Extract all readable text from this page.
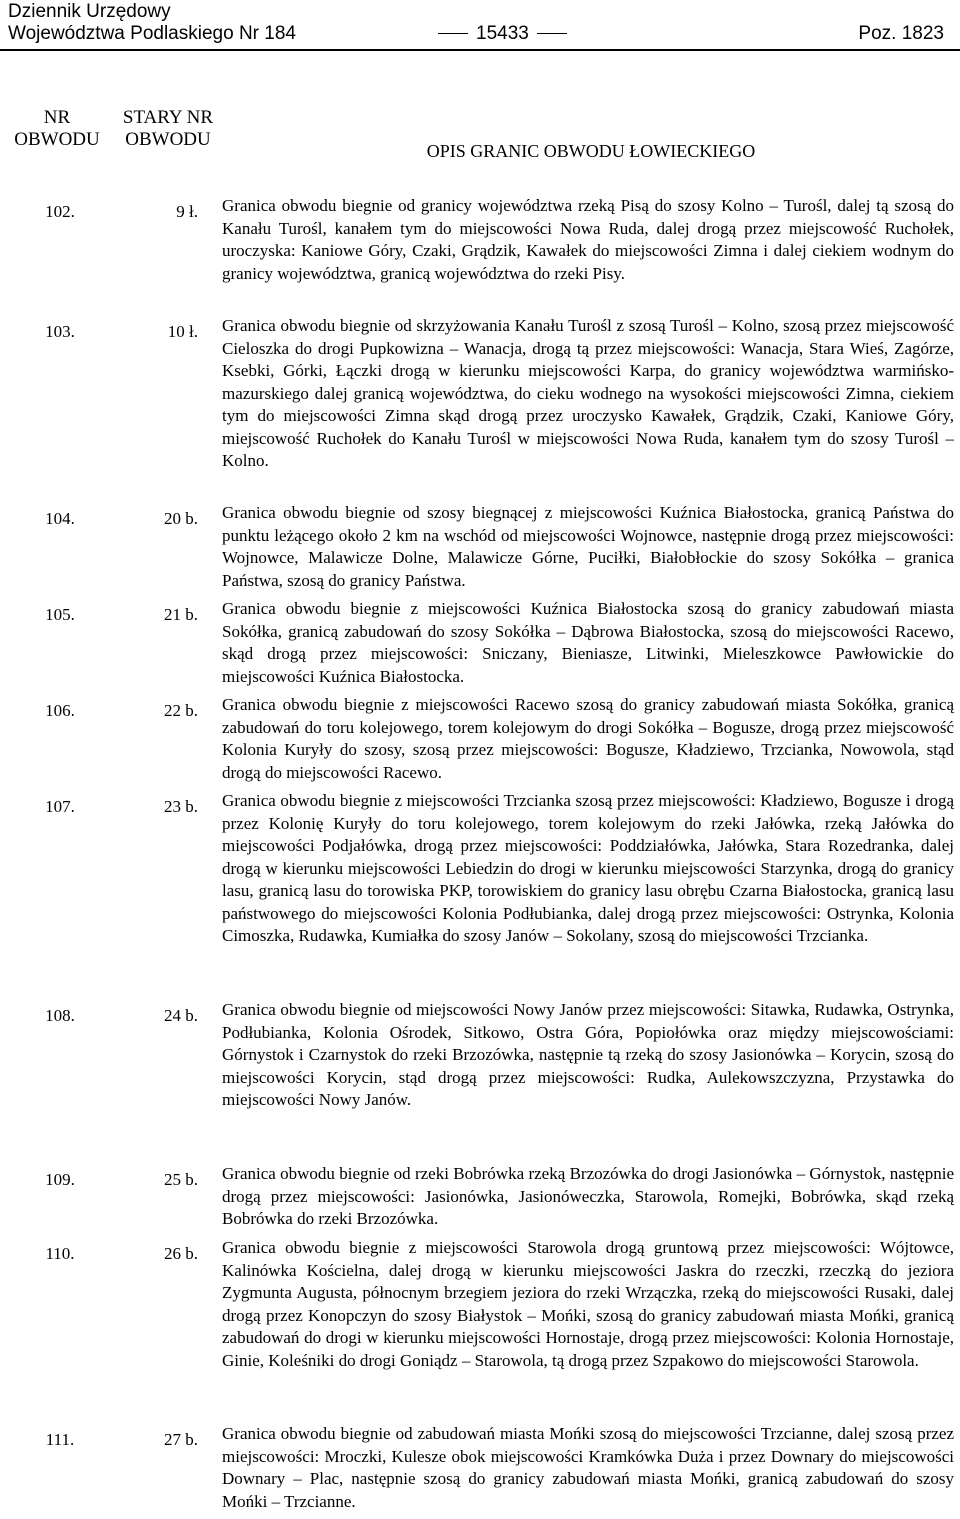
Dziennik Urzędowy
Województwa Podlaskiego Nr 184	15433	Poz. 1823
NR OBWODU	STARY NR OBWODU	OPIS GRANIC OBWODU ŁOWIECKIEGO
102.	9 ł.	Granica obwodu biegnie od granicy województwa rzeką Pisą do szosy Kolno – Turośl, dalej tą szosą do Kanału Turośl, kanałem tym do miejscowości Nowa Ruda, dalej drogą przez miejscowość Ruchołek, uroczyska: Kaniowe Góry, Czaki, Grądzik, Kawałek do miejscowości Zimna i dalej ciekiem wodnym do granicy województwa, granicą województwa do rzeki Pisy.
103.	10 ł.	Granica obwodu biegnie od skrzyżowania Kanału Turośl z szosą Turośl – Kolno, szosą przez miejscowość Cieloszka do drogi Pupkowizna – Wanacja, drogą tą przez miejscowości: Wanacja, Stara Wieś, Zagórze, Ksebki, Górki, Łączki drogą w kierunku miejscowości Karpa, do granicy województwa warmińsko-mazurskiego dalej granicą województwa, do cieku wodnego na wysokości miejscowości Zimna, ciekiem tym do miejscowości Zimna skąd drogą przez uroczysko Kawałek, Grądzik, Czaki, Kaniowe Góry, miejscowość Ruchołek do Kanału Turośl w miejscowości Nowa Ruda, kanałem tym do szosy Turośl – Kolno.
104.	20 b.	Granica obwodu biegnie od szosy biegnącej z miejscowości Kuźnica Białostocka, granicą Państwa do punktu leżącego około 2 km na wschód od miejscowości Wojnowce, następnie drogą przez miejscowości: Wojnowce, Malawicze Dolne, Malawicze Górne, Puciłki, Białobłockie do szosy Sokółka – granica Państwa, szosą do granicy Państwa.
105.	21 b.	Granica obwodu biegnie z miejscowości Kuźnica Białostocka szosą do granicy zabudowań miasta Sokółka, granicą zabudowań do szosy Sokółka – Dąbrowa Białostocka, szosą do miejscowości Racewo, skąd drogą przez miejscowości: Sniczany, Bieniasze, Litwinki, Mieleszkowce Pawłowickie do miejscowości Kuźnica Białostocka.
106.	22 b.	Granica obwodu biegnie z miejscowości Racewo szosą do granicy zabudowań miasta Sokółka, granicą zabudowań do toru kolejowego, torem kolejowym do drogi Sokółka – Bogusze, drogą przez miejscowość Kolonia Kuryły do szosy, szosą przez miejscowości: Bogusze, Kładziewo, Trzcianka, Nowowola, stąd drogą do miejscowości Racewo.
107.	23 b.	Granica obwodu biegnie z miejscowości Trzcianka szosą przez miejscowości: Kładziewo, Bogusze i drogą przez Kolonię Kuryły do toru kolejowego, torem kolejowym do rzeki Jałówka, rzeką Jałówka do miejscowości Podjałówka, drogą przez miejscowości: Poddziałówka, Jałówka, Stara Rozedranka, dalej drogą w kierunku miejscowości Lebiedzin do drogi w kierunku miejscowości Starzynka, drogą do granicy lasu, granicą lasu do torowiska PKP, torowiskiem do granicy lasu obrębu Czarna Białostocka, granicą lasu państwowego do miejscowości Kolonia Podłubianka, dalej drogą przez miejscowości: Ostrynka, Kolonia Cimoszka, Rudawka, Kumiałka do szosy Janów – Sokolany, szosą do miejscowości Trzcianka.
108.	24 b.	Granica obwodu biegnie od miejscowości Nowy Janów przez miejscowości: Sitawka, Rudawka, Ostrynka, Podłubianka, Kolonia Ośrodek, Sitkowo, Ostra Góra, Popiołówka oraz między miejscowościami: Górnystok i Czarnystok do rzeki Brzozówka, następnie tą rzeką do szosy Jasionówka – Korycin, szosą do miejscowości Korycin, stąd drogą przez miejscowości: Rudka, Aulekowszczyzna, Przystawka do miejscowości Nowy Janów.
109.	25 b.	Granica obwodu biegnie od rzeki Bobrówka rzeką Brzozówka do drogi Jasionówka – Górnystok, następnie drogą przez miejscowości: Jasionówka, Jasionóweczka, Starowola, Romejki, Bobrówka, skąd rzeką Bobrówka do rzeki Brzozówka.
110.	26 b.	Granica obwodu biegnie z miejscowości Starowola drogą gruntową przez miejscowości: Wójtowce, Kalinówka Kościelna, dalej drogą w kierunku miejscowości Jaskra do rzeczki, rzeczką do jeziora Zygmunta Augusta, północnym brzegiem jeziora do rzeki Wrzączka, rzeką do miejscowości Rusaki, dalej drogą przez Konopczyn do szosy Białystok – Mońki, szosą do granicy zabudowań miasta Mońki, granicą zabudowań do drogi w kierunku miejscowości Hornostaje, drogą przez miejscowości: Kolonia Hornostaje, Ginie, Koleśniki do drogi Goniądz – Starowola, tą drogą przez Szpakowo do miejscowości Starowola.
111.	27 b.	Granica obwodu biegnie od zabudowań miasta Mońki szosą do miejscowości Trzcianne, dalej szosą przez miejscowości: Mroczki, Kulesze obok miejscowości Kramkówka Duża i przez Downary do miejscowości Downary – Plac, następnie szosą do granicy zabudowań miasta Mońki, granicą zabudowań do szosy Mońki – Trzcianne.
